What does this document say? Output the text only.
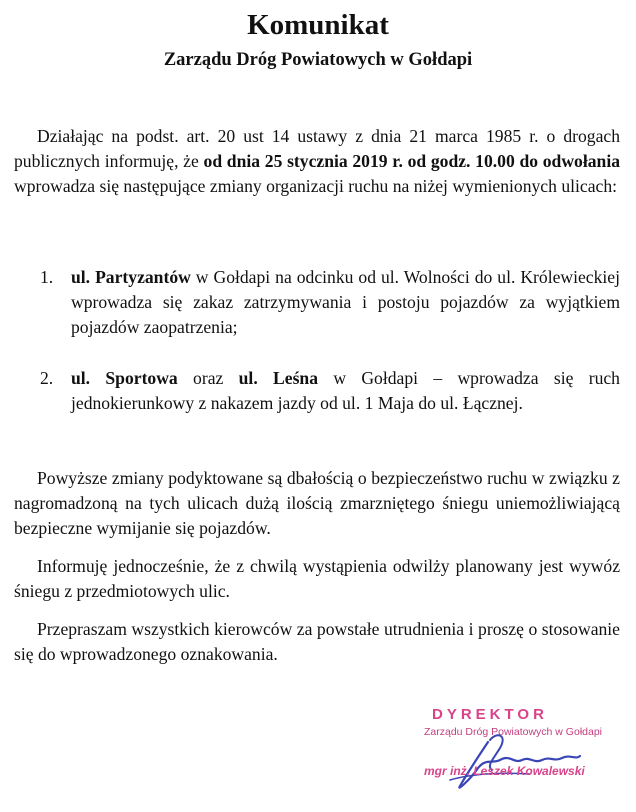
Komunikat
Zarządu Dróg Powiatowych w Gołdapi

Działając na podst. art. 20 ust 14 ustawy z dnia 21 marca 1985 r. o drogach publicznych informuję, że od dnia 25 stycznia 2019 r. od godz. 10.00 do odwołania wprowadza się następujące zmiany organizacji ruchu na niżej wymienionych ulicach:

1. ul. Partyzantów w Gołdapi na odcinku od ul. Wolności do ul. Królewieckiej wprowadza się zakaz zatrzymywania i postoju pojazdów za wyjątkiem pojazdów zaopatrzenia;
2. ul. Sportowa oraz ul. Leśna w Gołdapi – wprowadza się ruch jednokierunkowy z nakazem jazdy od ul. 1 Maja do ul. Łącznej.

Powyższe zmiany podyktowane są dbałością o bezpieczeństwo ruchu w związku z nagromadzoną na tych ulicach dużą ilością zmarzniętego śniegu uniemożliwiającą bezpieczne wymijanie się pojazdów.

Informuję jednocześnie, że z chwilą wystąpienia odwilży planowany jest wywóz śniegu z przedmiotowych ulic.

Przepraszam wszystkich kierowców za powstałe utrudnienia i proszę o stosowanie się do wprowadzonego oznakowania.

DYREKTOR
Zarządu Dróg Powiatowych w Gołdapi
mgr inż. Leszek Kowalewski
